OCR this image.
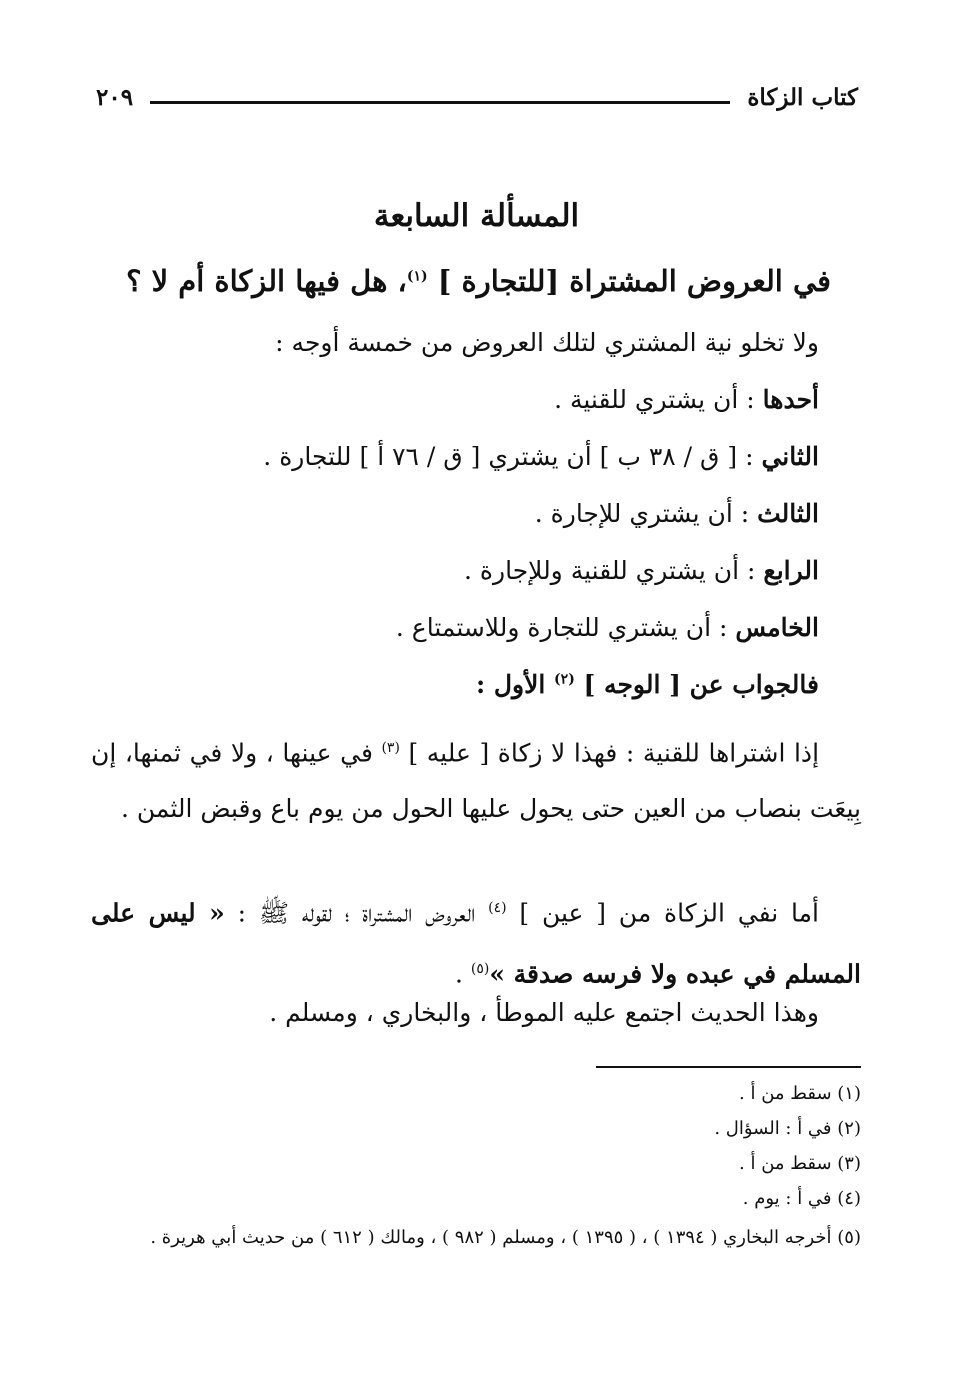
كتاب الزكاة
٢٠٩
المسألة السابعة
في العروض المشتراة [للتجارة ] $^{(١)}$، هل فيها الزكاة أم لا ؟
ولا تخلو نية المشتري لتلك العروض من خمسة أوجه :
أحدها : أن يشتري للقنية .
الثاني : [ ق / ٣٨ ب ] أن يشتري [ ق / ٧٦ أ ] للتجارة .
الثالث : أن يشتري للإجارة .
الرابع : أن يشتري للقنية وللإجارة .
الخامس : أن يشتري للتجارة وللاستمتاع .
فالجواب عن [ الوجه ] $^{(٢)}$ الأول :

إذا اشتراها للقنية : فهذا لا زكاة [ عليه ] $^{(٣)}$ في عينها ، ولا في ثمنها، إن بِيعَت بنصاب من العين حتى يحول عليها الحول من يوم باع وقبض الثمن .

أما نفي الزكاة من [ عين ] $^{(٤)}$ العروض المشتراة ؛ لقوله ﷺ : « ليس على المسلم في عبده ولا فرسه صدقة »$^{(٥)}$ .

وهذا الحديث اجتمع عليه الموطأ ، والبخاري ، ومسلم .
(١) سقط من أ .
(٢) في أ : السؤال .
(٣) سقط من أ .
(٤) في أ : يوم .

(٥) أخرجه البخاري ( ١٣٩٤ ) ، ( ١٣٩٥ ) ، ومسلم ( ٩٨٢ ) ، ومالك ( ٦١٢ ) من حديث أبي هريرة .
